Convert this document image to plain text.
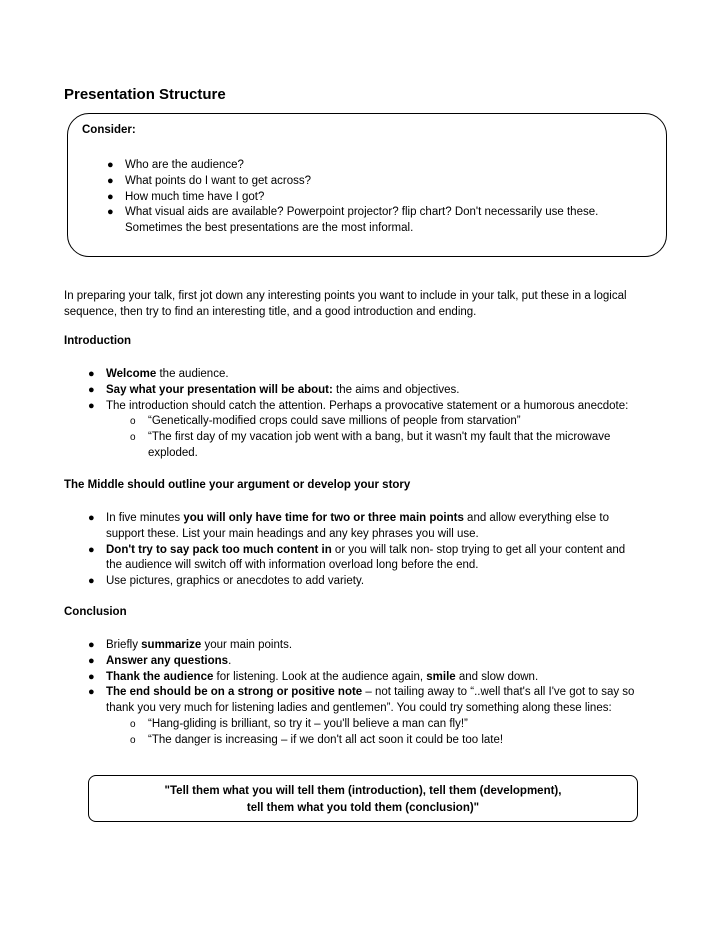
Presentation Structure
Consider:
● Who are the audience?
● What points do I want to get across?
● How much time have I got?
● What visual aids are available? Powerpoint projector? flip chart? Don't necessarily use these.
Sometimes the best presentations are the most informal.
In preparing your talk, first jot down any interesting points you want to include in your talk, put these in a logical
sequence, then try to find an interesting title, and a good introduction and ending.
Introduction
● Welcome the audience.
● Say what your presentation will be about: the aims and objectives.
● The introduction should catch the attention. Perhaps a provocative statement or a humorous anecdote:
o “Genetically-modified crops could save millions of people from starvation”
o “The first day of my vacation job went with a bang, but it wasn't my fault that the microwave
exploded.
The Middle should outline your argument or develop your story
● In five minutes you will only have time for two or three main points and allow everything else to
support these. List your main headings and any key phrases you will use.
● Don't try to say pack too much content in or you will talk non- stop trying to get all your content and
the audience will switch off with information overload long before the end.
● Use pictures, graphics or anecdotes to add variety.
Conclusion
● Briefly summarize your main points.
● Answer any questions.
● Thank the audience for listening. Look at the audience again, smile and slow down.
● The end should be on a strong or positive note – not tailing away to “..well that's all I've got to say so
thank you very much for listening ladies and gentlemen”. You could try something along these lines:
o “Hang-gliding is brilliant, so try it – you'll believe a man can fly!”
o “The danger is increasing – if we don't all act soon it could be too late!
"Tell them what you will tell them (introduction), tell them (development),
tell them what you told them (conclusion)"
